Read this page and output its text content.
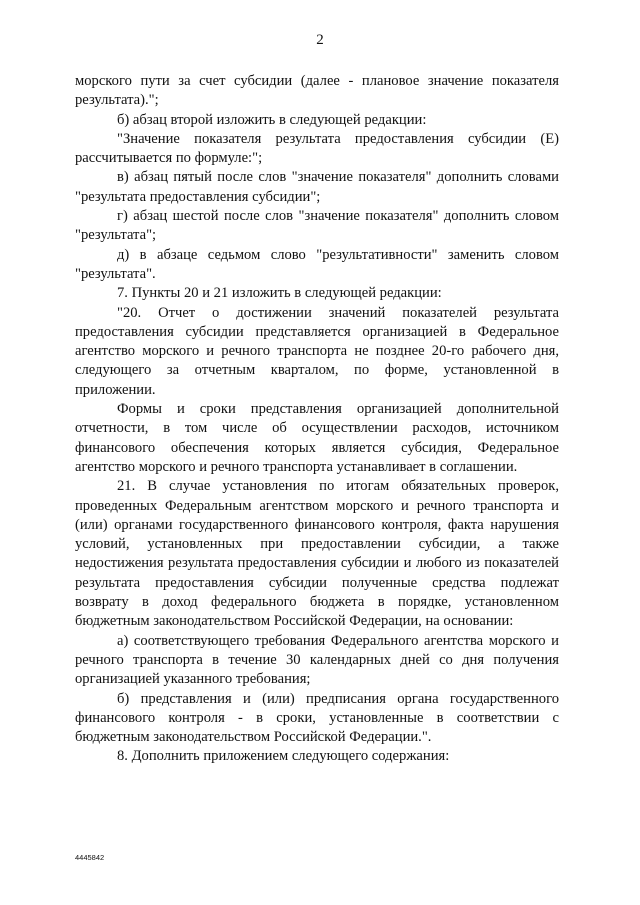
2

морского пути за счет субсидии (далее - плановое значение показателя результата).";

б) абзац второй изложить в следующей редакции:

"Значение показателя результата предоставления субсидии (E) рассчитывается по формуле:";

в) абзац пятый после слов "значение показателя" дополнить словами "результата предоставления субсидии";

г) абзац шестой после слов "значение показателя" дополнить словом "результата";

д) в абзаце седьмом слово "результативности" заменить словом "результата".

7. Пункты 20 и 21 изложить в следующей редакции:

"20. Отчет о достижении значений показателей результата предоставления субсидии представляется организацией в Федеральное агентство морского и речного транспорта не позднее 20-го рабочего дня, следующего за отчетным кварталом, по форме, установленной в приложении.

Формы и сроки представления организацией дополнительной отчетности, в том числе об осуществлении расходов, источником финансового обеспечения которых является субсидия, Федеральное агентство морского и речного транспорта устанавливает в соглашении.

21. В случае установления по итогам обязательных проверок, проведенных Федеральным агентством морского и речного транспорта и (или) органами государственного финансового контроля, факта нарушения условий, установленных при предоставлении субсидии, а также недостижения результата предоставления субсидии и любого из показателей результата предоставления субсидии полученные средства подлежат возврату в доход федерального бюджета в порядке, установленном бюджетным законодательством Российской Федерации, на основании:

а) соответствующего требования Федерального агентства морского и речного транспорта в течение 30 календарных дней со дня получения организацией указанного требования;

б) представления и (или) предписания органа государственного финансового контроля - в сроки, установленные в соответствии с бюджетным законодательством Российской Федерации.".

8. Дополнить приложением следующего содержания:

4445842
